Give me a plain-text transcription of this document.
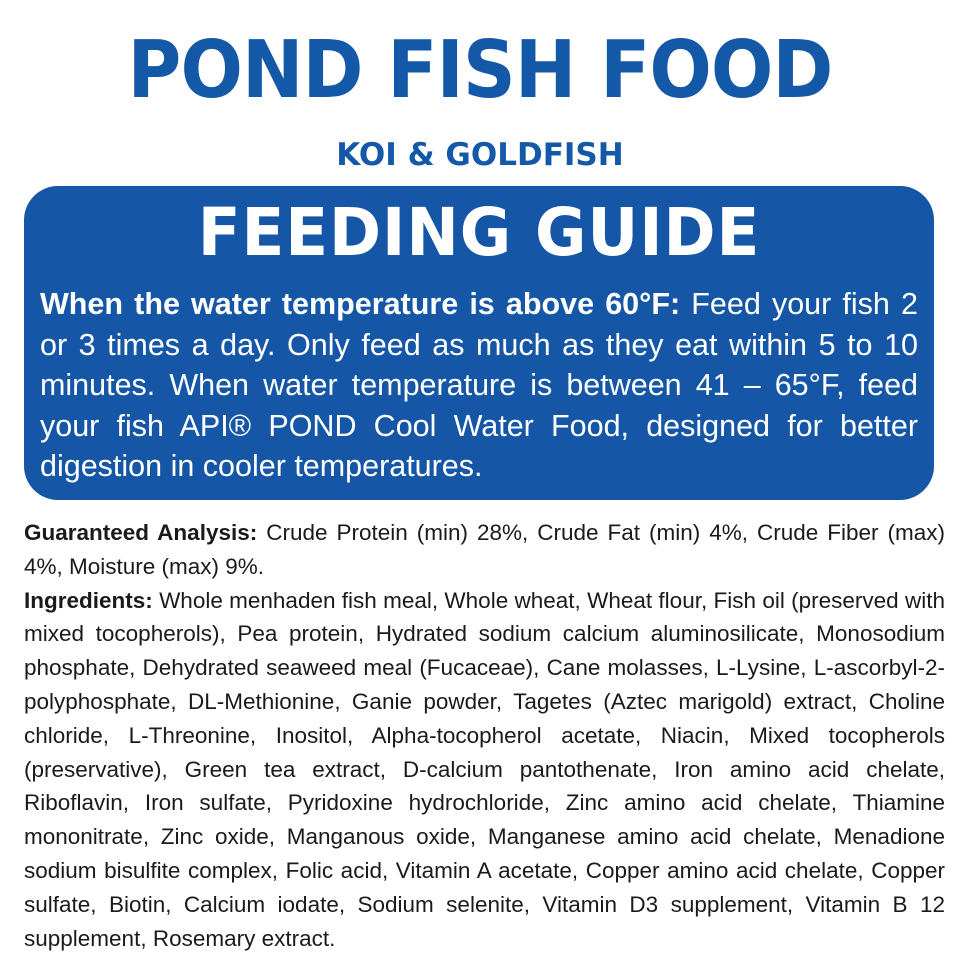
POND FISH FOOD
KOI & GOLDFISH
FEEDING GUIDE
When the water temperature is above 60°F: Feed your fish 2 or 3 times a day. Only feed as much as they eat within 5 to 10 minutes. When water temperature is between 41 – 65°F, feed your fish API® POND Cool Water Food, designed for better digestion in cooler temperatures.

Guaranteed Analysis: Crude Protein (min) 28%, Crude Fat (min) 4%, Crude Fiber (max) 4%, Moisture (max) 9%.

Ingredients: Whole menhaden fish meal, Whole wheat, Wheat flour, Fish oil (preserved with mixed tocopherols), Pea protein, Hydrated sodium calcium aluminosilicate, Monosodium phosphate, Dehydrated seaweed meal (Fucaceae), Cane molasses, L-Lysine, L-ascorbyl-2-polyphosphate, DL-Methionine, Ganie powder, Tagetes (Aztec marigold) extract, Choline chloride, L-Threonine, Inositol, Alpha-tocopherol acetate, Niacin, Mixed tocopherols (preservative), Green tea extract, D-calcium pantothenate, Iron amino acid chelate, Riboflavin, Iron sulfate, Pyridoxine hydrochloride, Zinc amino acid chelate, Thiamine mononitrate, Zinc oxide, Manganous oxide, Manganese amino acid chelate, Menadione sodium bisulfite complex, Folic acid, Vitamin A acetate, Copper amino acid chelate, Copper sulfate, Biotin, Calcium iodate, Sodium selenite, Vitamin D3 supplement, Vitamin B 12 supplement, Rosemary extract.
